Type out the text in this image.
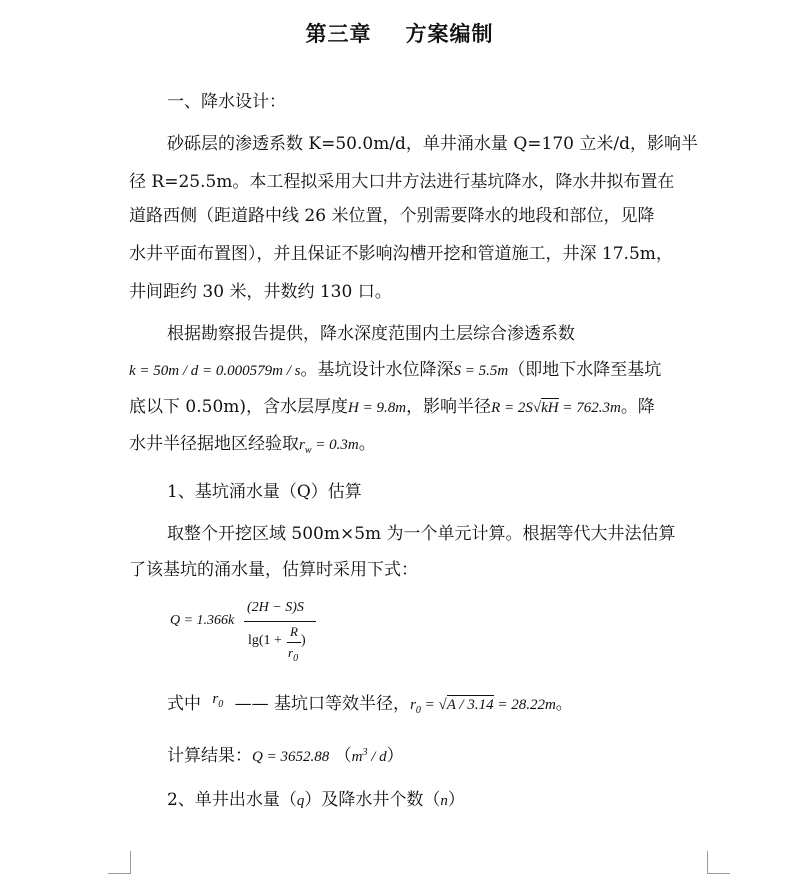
第三章 方案编制
一、降水设计：
砂砾层的渗透系数 K=50.0m/d，单井涌水量 Q=170 立米/d，影响半
径 R=25.5m。本工程拟采用大口井方法进行基坑降水，降水井拟布置在
道路西侧（距道路中线 26 米位置，个别需要降水的地段和部位，见降
水井平面布置图），并且保证不影响沟槽开挖和管道施工，井深 17.5m，
井间距约 30 米，井数约 130 口。
根据勘察报告提供，降水深度范围内土层综合渗透系数
k = 50m / d = 0.000579m / s。基坑设计水位降深S = 5.5m（即地下水降至基坑
底以下 0.50m)，含水层厚度H = 9.8m，影响半径R = 2S√kH = 762.3m。降
水井半径据地区经验取$r_w = 0.3m$。
1、基坑涌水量（Q）估算
取整个开挖区域 500m×5m 为一个单元计算。根据等代大井法估算
了该基坑的涌水量，估算时采用下式：
Q = 1.366k
(2H − S)S
lg(1 +
R
$r_0$
)
式中 $r_0$ —— 基坑口等效半径，$r_0 = √A / 3.14 = 28.22m$。
计算结果：Q = 3652.88 $(m^3 / d)$
2、单井出水量（q）及降水井个数（n）
